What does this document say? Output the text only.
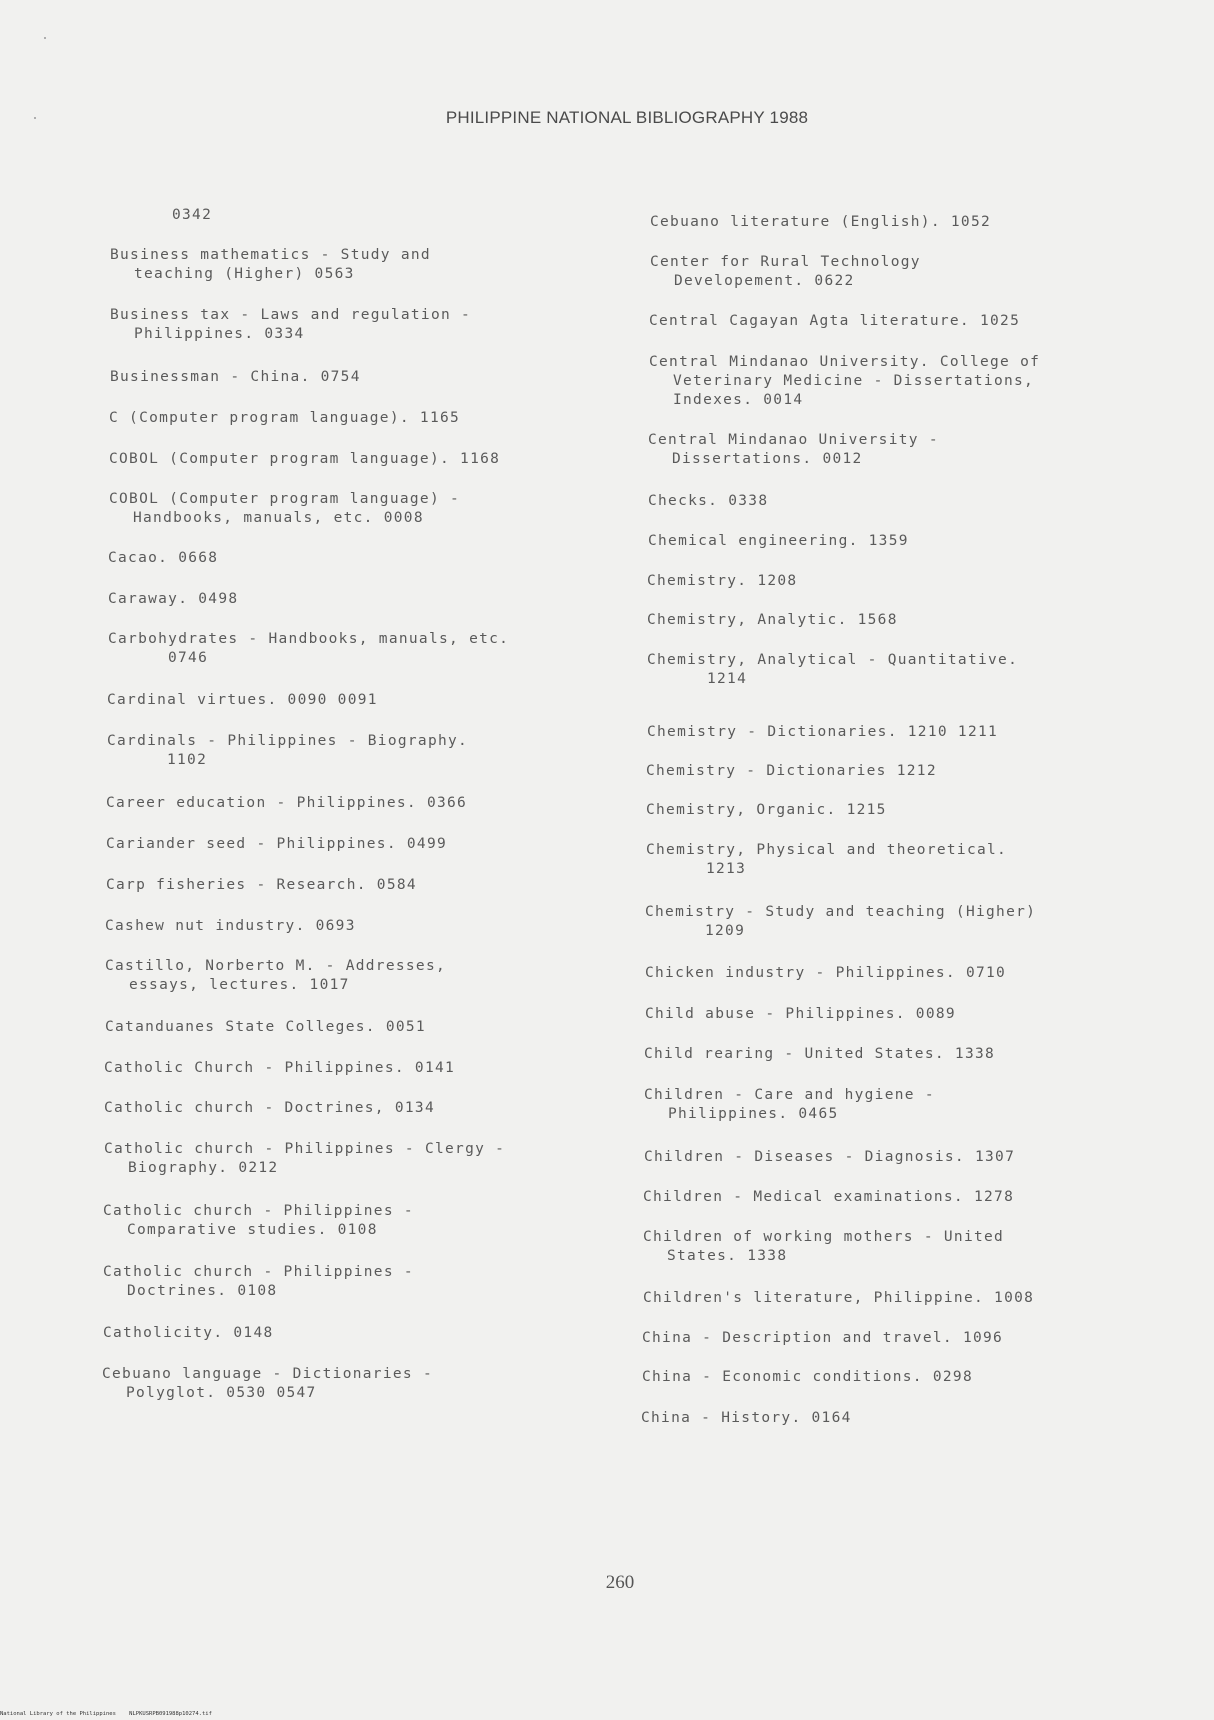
PHILIPPINE NATIONAL BIBLIOGRAPHY 1988
0342
Business mathematics - Study and
teaching (Higher) 0563
Business tax - Laws and regulation -
Philippines. 0334
Businessman - China. 0754
C (Computer program language). 1165
COBOL (Computer program language). 1168
COBOL (Computer program language) -
Handbooks, manuals, etc. 0008
Cacao. 0668
Caraway. 0498
Carbohydrates - Handbooks, manuals, etc.
0746
Cardinal virtues. 0090 0091
Cardinals - Philippines - Biography.
1102
Career education - Philippines. 0366
Cariander seed - Philippines. 0499
Carp fisheries - Research. 0584
Cashew nut industry. 0693
Castillo, Norberto M. - Addresses,
essays, lectures. 1017
Catanduanes State Colleges. 0051
Catholic Church - Philippines. 0141
Catholic church - Doctrines, 0134
Catholic church - Philippines - Clergy -
Biography. 0212
Catholic church - Philippines -
Comparative studies. 0108
Catholic church - Philippines -
Doctrines. 0108
Catholicity. 0148
Cebuano language - Dictionaries -
Polyglot. 0530 0547
Cebuano literature (English). 1052
Center for Rural Technology
Developement. 0622
Central Cagayan Agta literature. 1025
Central Mindanao University. College of
Veterinary Medicine - Dissertations,
Indexes. 0014
Central Mindanao University -
Dissertations. 0012
Checks. 0338
Chemical engineering. 1359
Chemistry. 1208
Chemistry, Analytic. 1568
Chemistry, Analytical - Quantitative.
1214
Chemistry - Dictionaries. 1210 1211
Chemistry - Dictionaries 1212
Chemistry, Organic. 1215
Chemistry, Physical and theoretical.
1213
Chemistry - Study and teaching (Higher)
1209
Chicken industry - Philippines. 0710
Child abuse - Philippines. 0089
Child rearing - United States. 1338
Children - Care and hygiene -
Philippines. 0465
Children - Diseases - Diagnosis. 1307
Children - Medical examinations. 1278
Children of working mothers - United
States. 1338
Children's literature, Philippine. 1008
China - Description and travel. 1096
China - Economic conditions. 0298
China - History. 0164
260
National Library of the Philippines    NLPKUSRPB091988p10274.tif
